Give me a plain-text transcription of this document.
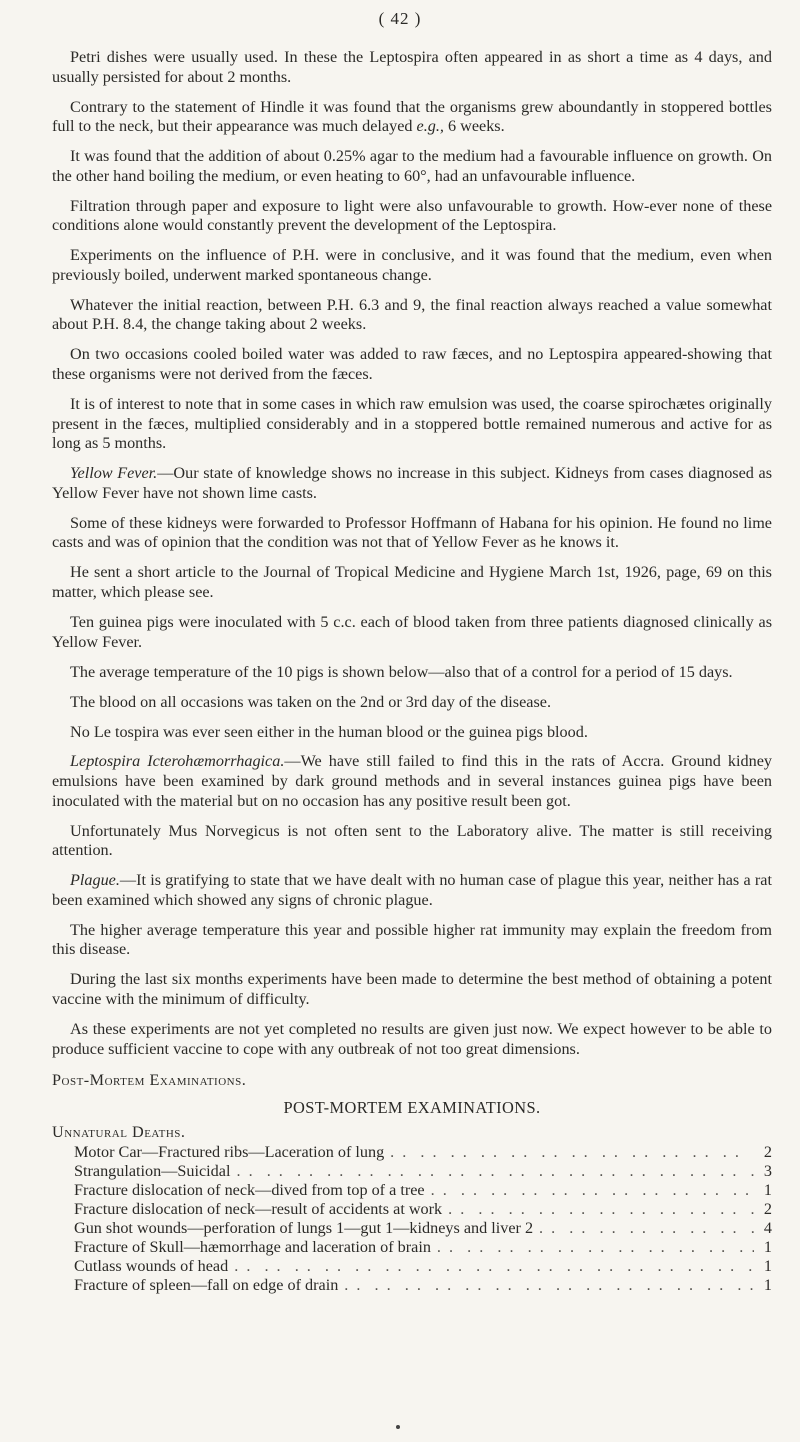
( 42 )

Petri dishes were usually used. In these the Leptospira often appeared in as short a time as 4 days, and usually persisted for about 2 months.

Contrary to the statement of Hindle it was found that the organisms grew aboundantly in stoppered bottles full to the neck, but their appearance was much delayed e.g., 6 weeks.

It was found that the addition of about 0.25% agar to the medium had a favourable influence on growth. On the other hand boiling the medium, or even heating to 60°, had an unfavourable influence.

Filtration through paper and exposure to light were also unfavourable to growth. How-ever none of these conditions alone would constantly prevent the development of the Leptospira.

Experiments on the influence of P.H. were in conclusive, and it was found that the medium, even when previously boiled, underwent marked spontaneous change.

Whatever the initial reaction, between P.H. 6.3 and 9, the final reaction always reached a value somewhat about P.H. 8.4, the change taking about 2 weeks.

On two occasions cooled boiled water was added to raw fæces, and no Leptospira appeared-showing that these organisms were not derived from the fæces.

It is of interest to note that in some cases in which raw emulsion was used, the coarse spirochætes originally present in the fæces, multiplied considerably and in a stoppered bottle remained numerous and active for as long as 5 months.

Yellow Fever.—Our state of knowledge shows no increase in this subject. Kidneys from cases diagnosed as Yellow Fever have not shown lime casts.

Some of these kidneys were forwarded to Professor Hoffmann of Habana for his opinion. He found no lime casts and was of opinion that the condition was not that of Yellow Fever as he knows it.

He sent a short article to the Journal of Tropical Medicine and Hygiene March 1st, 1926, page, 69 on this matter, which please see.

Ten guinea pigs were inoculated with 5 c.c. each of blood taken from three patients diagnosed clinically as Yellow Fever.

The average temperature of the 10 pigs is shown below—also that of a control for a period of 15 days.

The blood on all occasions was taken on the 2nd or 3rd day of the disease.

No Le tospira was ever seen either in the human blood or the guinea pigs blood.

Leptospira Icterohæmorrhagica.—We have still failed to find this in the rats of Accra. Ground kidney emulsions have been examined by dark ground methods and in several instances guinea pigs have been inoculated with the material but on no occasion has any positive result been got.

Unfortunately Mus Norvegicus is not often sent to the Laboratory alive. The matter is still receiving attention.

Plague.—It is gratifying to state that we have dealt with no human case of plague this year, neither has a rat been examined which showed any signs of chronic plague.

The higher average temperature this year and possible higher rat immunity may explain the freedom from this disease.

During the last six months experiments have been made to determine the best method of obtaining a potent vaccine with the minimum of difficulty.

As these experiments are not yet completed no results are given just now. We expect however to be able to produce sufficient vaccine to cope with any outbreak of not too great dimensions.

Post-Mortem Examinations.
POST-MORTEM EXAMINATIONS.
Unnatural Deaths.
Motor Car—Fractured ribs—Laceration of lung . .	2
Strangulation—Suicidal . .	3
Fracture dislocation of neck—dived from top of a tree . .	1
Fracture dislocation of neck—result of accidents at work . .	2
Gun shot wounds—perforation of lungs 1—gut 1—kidneys and liver 2 . .	4
Fracture of Skull—hæmorrhage and laceration of brain . .	1
Cutlass wounds of head . .	1
Fracture of spleen—fall on edge of drain . .	1
